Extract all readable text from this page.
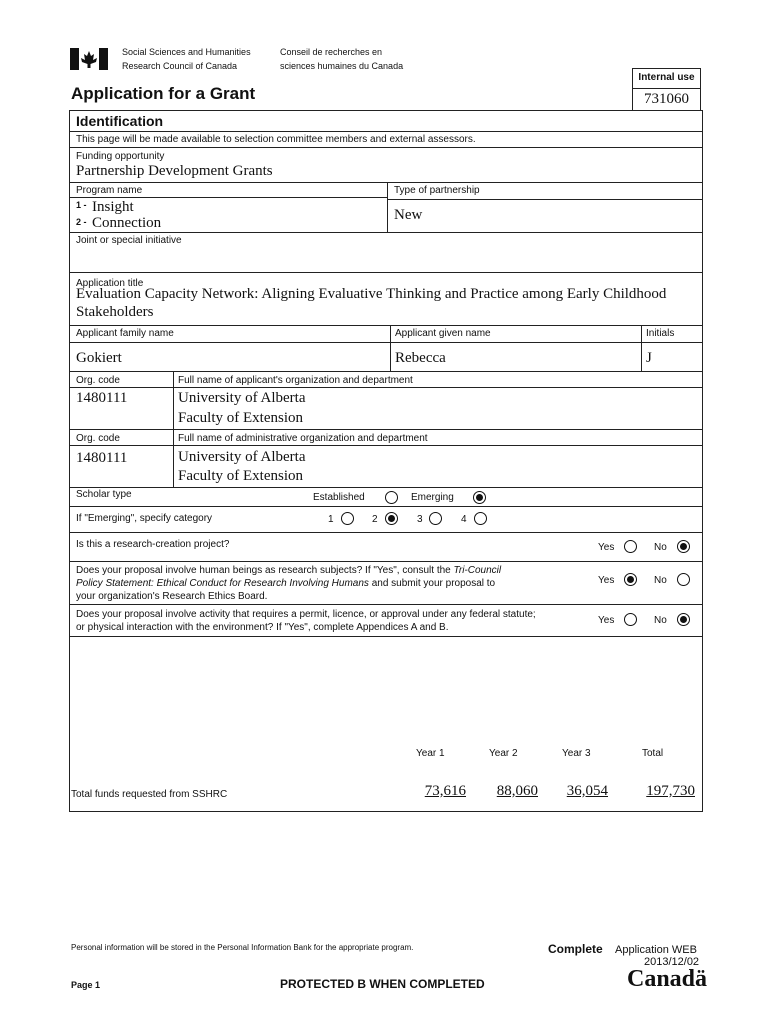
Social Sciences and Humanities
Research Council of Canada
Conseil de recherches en
sciences humaines du Canada
Internal use
731060
Application for a Grant
Identification
This page will be made available to selection committee members and external assessors.
Funding opportunity
Partnership Development Grants
Program name
1 - Insight
2 - Connection
Type of partnership
New
Joint or special initiative
Application title
Evaluation Capacity Network: Aligning Evaluative Thinking and Practice among Early Childhood
Stakeholders
Applicant family name	Applicant given name	Initials
Gokiert	Rebecca	J
Org. code	Full name of applicant's organization and department
1480111	University of Alberta
Faculty of Extension
Org. code	Full name of administrative organization and department
1480111	University of Alberta
Faculty of Extension
Scholar type	Established	Emerging
If "Emerging", specify category	1	2	3	4
Is this a research-creation project?	Yes	No
Does your proposal involve human beings as research subjects? If "Yes", consult the Tri-Council
Policy Statement: Ethical Conduct for Research Involving Humans and submit your proposal to
your organization's Research Ethics Board.
Yes	No
Does your proposal involve activity that requires a permit, licence, or approval under any federal statute;
or physical interaction with the environment? If "Yes", complete Appendices A and B.
Yes	No
Year 1	Year 2	Year 3	Total
Total funds requested from SSHRC	73,616	88,060	36,054	197,730
Personal information will be stored in the Personal Information Bank for the appropriate program.	Complete Application WEB
2013/12/02
Page 1	PROTECTED B WHEN COMPLETED	Canadä
